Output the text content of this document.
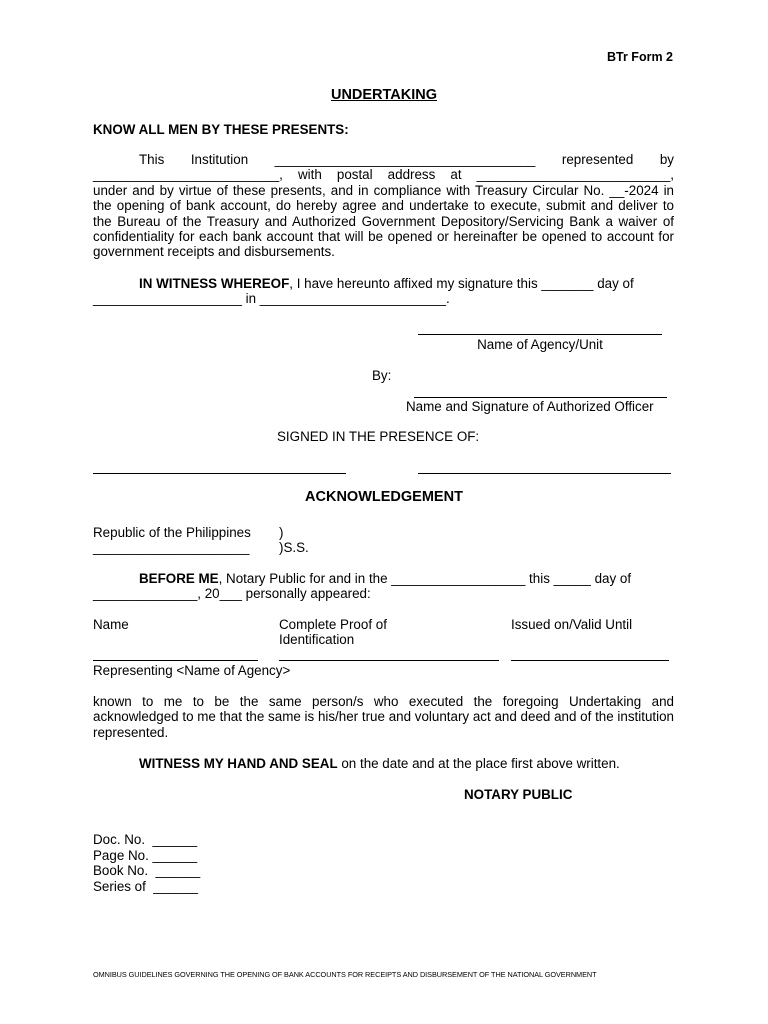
BTr Form 2
UNDERTAKING
KNOW ALL MEN BY THESE PRESENTS:
This    Institution    ___________________________________    represented    by
_________________________, with postal address at __________________________,
under and by virtue of these presents, and in compliance with Treasury Circular No. __-2024 in the opening of bank account, do hereby agree and undertake to execute, submit and deliver to the Bureau of the Treasury and Authorized Government Depository/Servicing Bank a waiver of confidentiality for each bank account that will be opened or hereinafter be opened to account for government receipts and disbursements.
IN WITNESS WHEREOF , I have hereunto affixed my signature this _______ day of
____________________ in _________________________.
Name of Agency/Unit
By:
Name and Signature of Authorized Officer
SIGNED IN THE PRESENCE OF:
ACKNOWLEDGEMENT
Republic of the Philippines )
_____________________ )S.S.
BEFORE ME , Notary Public for and in the __________________ this _____ day of
______________, 20___ personally appeared:
Name	Complete Proof of
Identification
Issued on/Valid Until
Representing <Name of Agency>
known to me to be the same person/s who executed the foregoing Undertaking and acknowledged to me that the same is his/her true and voluntary act and deed and of the institution represented.
WITNESS MY HAND AND SEAL on the date and at the place first above written.
NOTARY PUBLIC
Doc. No.  ______
Page No. ______
Book No.  ______
Series of  ______
OMNIBUS GUIDELINES GOVERNING THE OPENING OF BANK ACCOUNTS FOR RECEIPTS AND DISBURSEMENT OF THE NATIONAL GOVERNMENT
